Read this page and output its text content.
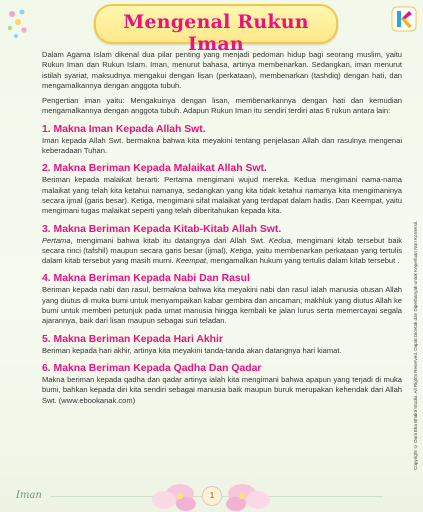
Mengenal Rukun Iman

Dalam Agama Islam dikenal dua pilar penting yang menjadi pedoman hidup bagi seorang muslim, yaitu Rukun Iman dan Rukun Islam. Iman, menurut bahasa, artinya membenarkan. Sedangkan, iman menurut istilah syariat, maksudnya mengakui dengan lisan (perkataan), membenarkan (tashdiq) dengan hati, dan mengamalkannya dengan anggota tubuh.

Pengertian iman yaitu: Mengakuinya dengan lisan, membenarkannya dengan hati dan kemudian mengamalkannya dengan anggota tubuh. Adapun Rukun Iman itu sendiri terdiri atas 6 rukun antara lain:

1. Makna Iman Kepada Allah Swt.

Iman kepada Allah Swt. bermakna bahwa kita meyakini tentang penjelasan Allah dan rasulnya mengenai keberadaan Tuhan.

2. Makna Beriman Kepada Malaikat Allah Swt.

Beriman kepada malaikat berarti: Pertama mengimani wujud mereka. Kedua mengimani nama-nama malaikat yang telah kita ketahui namanya, sedangkan yang kita tidak ketahui namanya kita mengimaninya secara ijmal (garis besar). Ketiga, mengimani sifat malaikat yang terdapat dalam hadis. Dan Keempat, yaitu mengimani tugas malaikat seperti yang telah diberitahukan kepada kita.

3. Makna Beriman Kepada Kitab-Kitab Allah Swt.

Pertama, mengimani bahwa kitab itu datangnya dari Allah Swt. Kedua, mengimani kitab tersebut baik secara rinci (tafshil) maupun secara garis besar (ijmal), Ketiga, yaitu membenarkan perkataan yang tertulis dalam kitab tersebut yang masih murni. Keempat, mengamalkan hukum yang tertulis dalam kitab tersebut .

4. Makna Beriman Kepada Nabi Dan Rasul

Beriman kepada nabi dan rasul, bermakna bahwa kita meyakini nabi dan rasul ialah manusia utusan Allah yang diutus di muka bumi untuk menyampaikan kabar gembira dan ancaman; makhluk yang diutus Allah ke bumi untuk memberi petunjuk pada umat manusia hingga kembali ke jalan lurus serta memercayai segala ajarannya, baik dari lisan maupun sebagai suri teladan.

5. Makna Beriman Kepada Hari Akhir

Beriman kepada hari akhir, artinya kita meyakini tanda-tanda akan datangnya hari kiamat.

6. Makna Beriman Kepada Qadha Dan Qadar

Makna beriman kepada qadha dan qadar artinya ialah kita mengimani bahwa apapun yang terjadi di muka bumi, bahkan kepada diri kita sendiri sebagai manusia baik maupun buruk merupakan kehendak dari Allah Swt. (www.ebookanak.com)	Copyright © Dani Eka Bhakti Studio. All Rights Reserved. Dapat Dicetak dan Diperbanyak untuk Keperluan Non Komersil.
Iman	1
